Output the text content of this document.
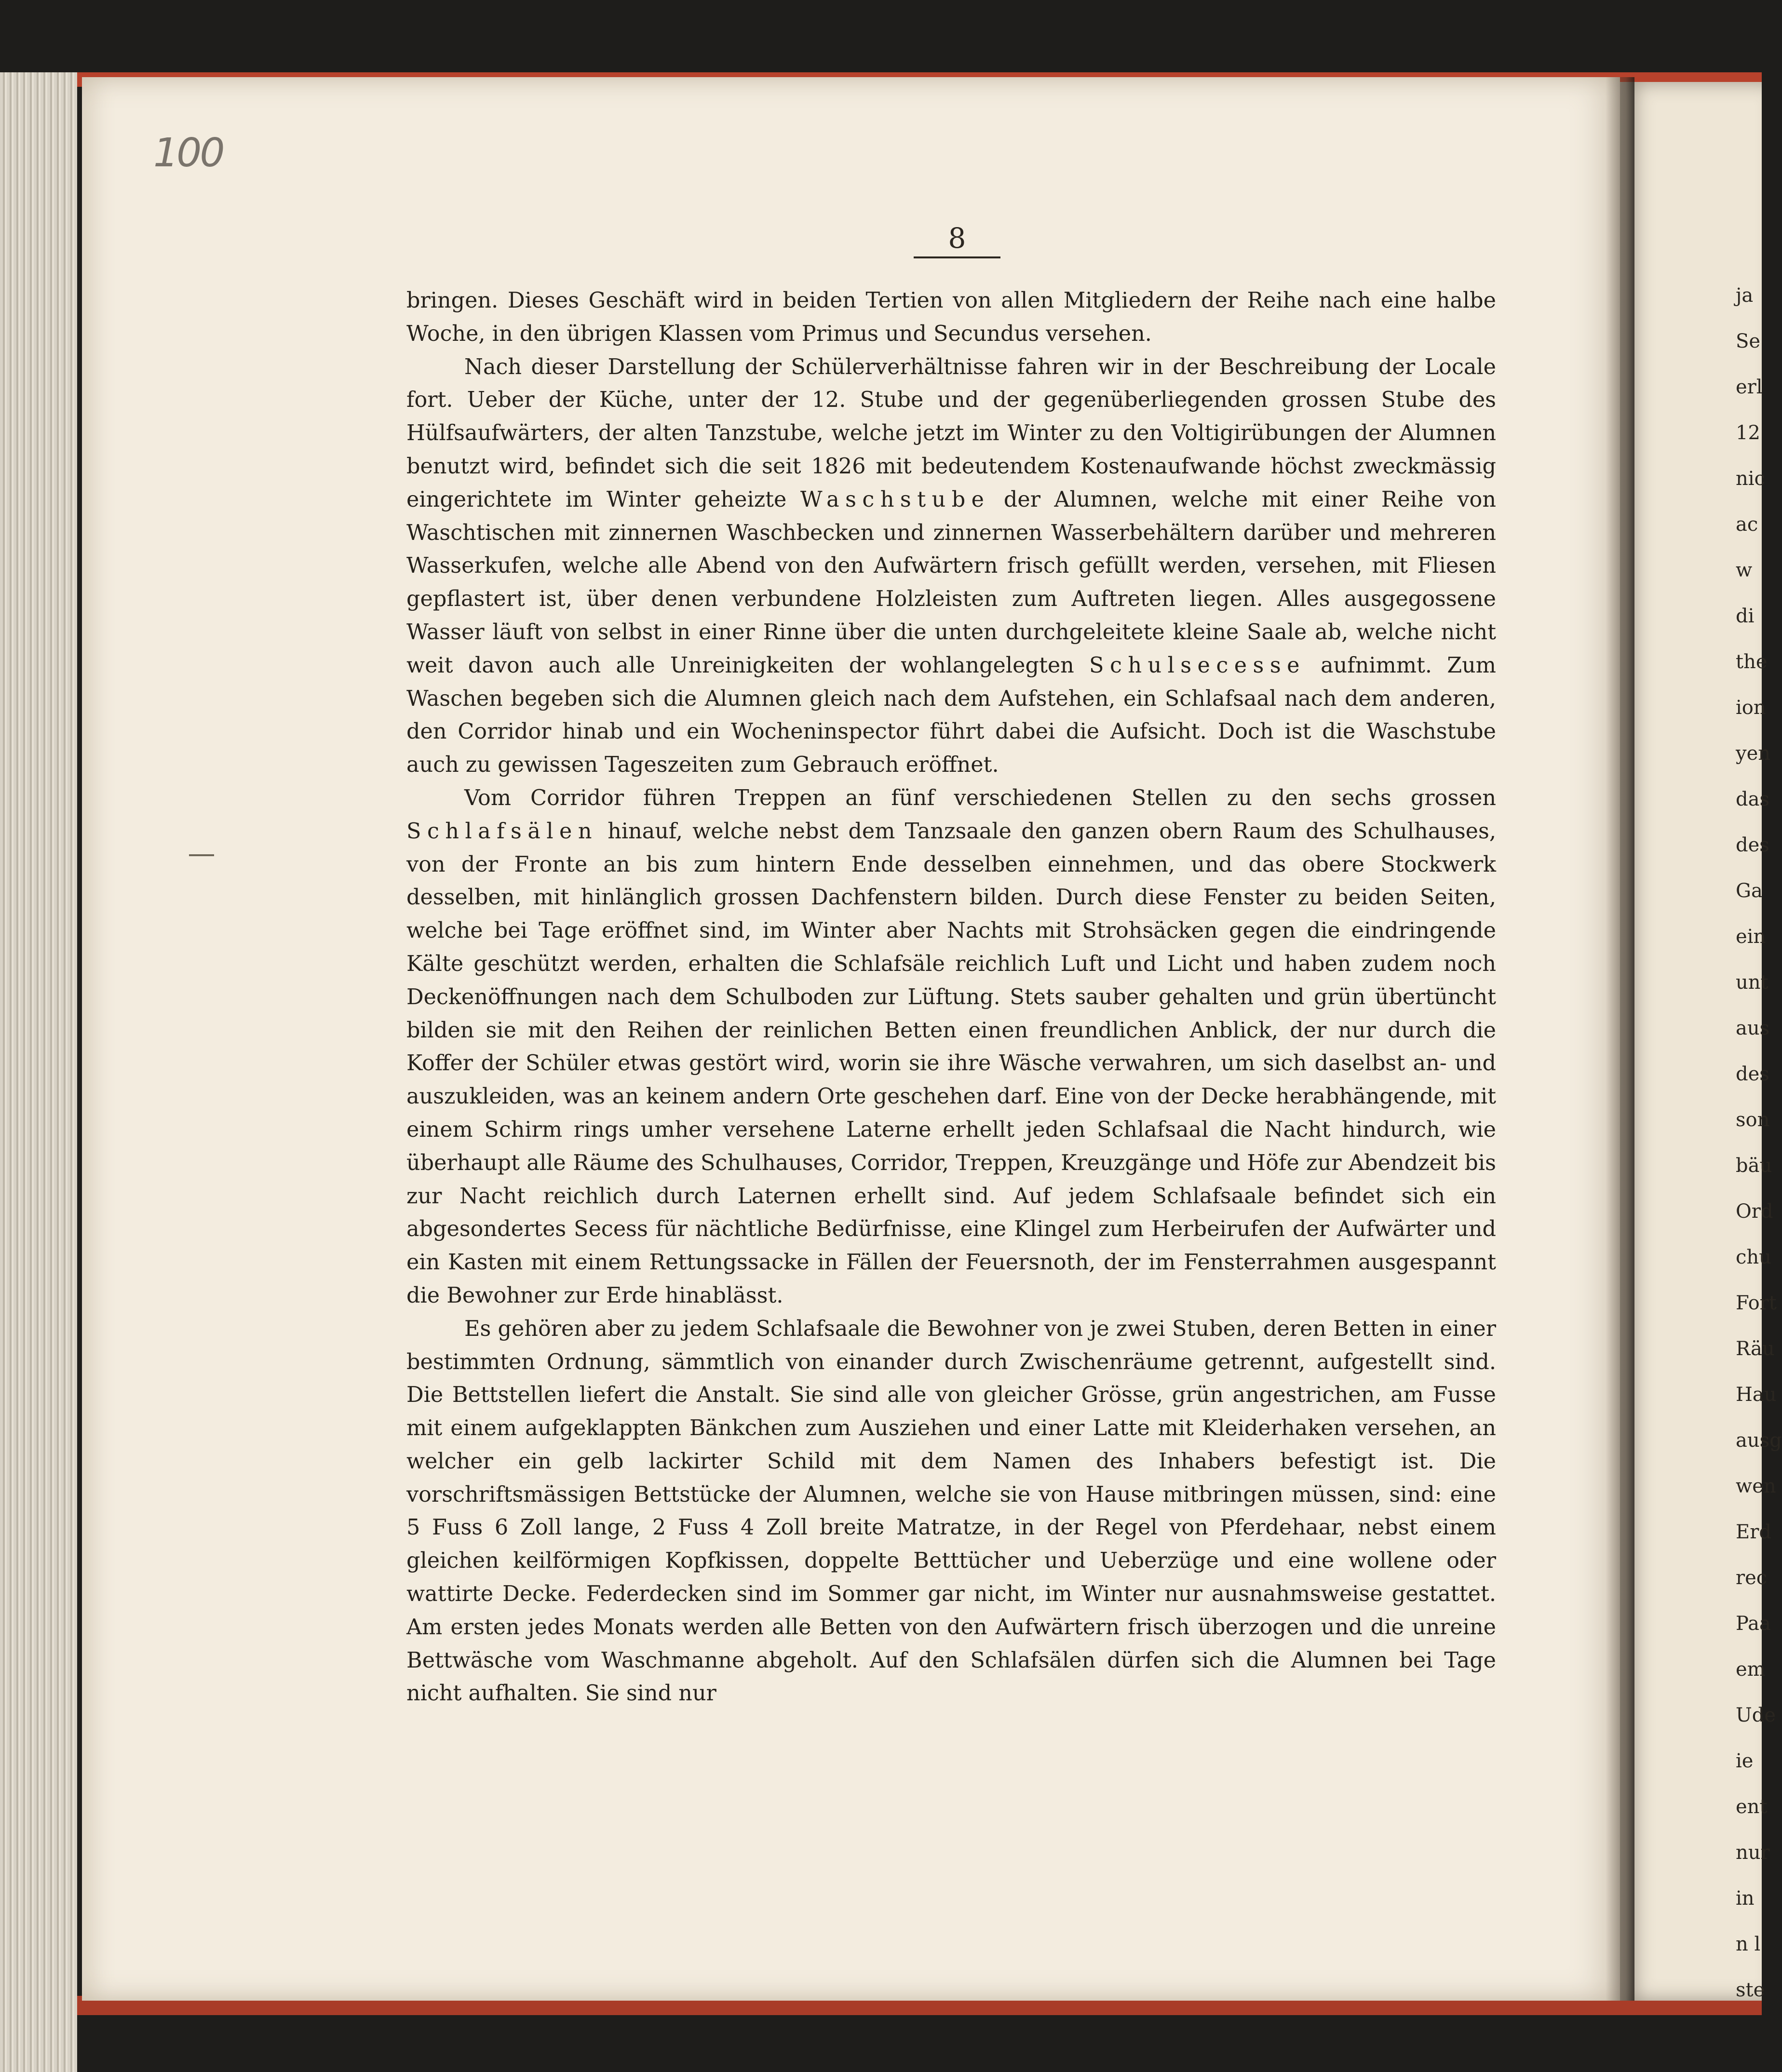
ja
Se
erl
12
nic
ac
w
di
the
ion
yen
das
des
Ga
ein
unt
aus
des
son
bäu
Ord
chu
Fort
Räu
Hau
ausg
wen
Erd
rec
Paa
em
Ude
ie
ent
nur
in
n l
ste
100
8

bringen. Dieses Geschäft wird in beiden Tertien von allen Mitgliedern der Reihe nach eine halbe Woche, in den übrigen Klassen vom Primus und Secundus versehen.

Nach dieser Darstellung der Schülerverhältnisse fahren wir in der Beschreibung der Locale fort. Ueber der Küche, unter der 12. Stube und der gegenüberliegenden grossen Stube des Hülfsaufwärters, der alten Tanzstube, welche jetzt im Winter zu den Voltigirübungen der Alumnen benutzt wird, befindet sich die seit 1826 mit bedeutendem Kostenaufwande höchst zweckmässig eingerichtete im Winter geheizte Waschstube der Alumnen, welche mit einer Reihe von Waschtischen mit zinnernen Waschbecken und zinnernen Wasserbehältern darüber und mehreren Wasserkufen, welche alle Abend von den Aufwärtern frisch gefüllt werden, versehen, mit Fliesen gepflastert ist, über denen verbundene Holzleisten zum Auftreten liegen. Alles ausgegossene Wasser läuft von selbst in einer Rinne über die unten durchgeleitete kleine Saale ab, welche nicht weit davon auch alle Unreinigkeiten der wohlangelegten Schulsecesse aufnimmt. Zum Waschen begeben sich die Alumnen gleich nach dem Aufstehen, ein Schlafsaal nach dem anderen, den Corridor hinab und ein Wocheninspector führt dabei die Aufsicht. Doch ist die Waschstube auch zu gewissen Tageszeiten zum Gebrauch eröffnet.

Vom Corridor führen Treppen an fünf verschiedenen Stellen zu den sechs grossen Schlafsälen hinauf, welche nebst dem Tanzsaale den ganzen obern Raum des Schulhauses, von der Fronte an bis zum hintern Ende desselben einnehmen, und das obere Stockwerk desselben, mit hinlänglich grossen Dachfenstern bilden. Durch diese Fenster zu beiden Seiten, welche bei Tage eröffnet sind, im Winter aber Nachts mit Strohsäcken gegen die eindringende Kälte geschützt werden, erhalten die Schlafsäle reichlich Luft und Licht und haben zudem noch Deckenöffnungen nach dem Schulboden zur Lüftung. Stets sauber gehalten und grün übertüncht bilden sie mit den Reihen der reinlichen Betten einen freundlichen Anblick, der nur durch die Koffer der Schüler etwas gestört wird, worin sie ihre Wäsche verwahren, um sich daselbst an- und auszukleiden, was an keinem andern Orte geschehen darf. Eine von der Decke herabhängende, mit einem Schirm rings umher versehene Laterne erhellt jeden Schlafsaal die Nacht hindurch, wie überhaupt alle Räume des Schulhauses, Corridor, Treppen, Kreuzgänge und Höfe zur Abendzeit bis zur Nacht reichlich durch Laternen erhellt sind. Auf jedem Schlafsaale befindet sich ein abgesondertes Secess für nächtliche Bedürfnisse, eine Klingel zum Herbeirufen der Aufwärter und ein Kasten mit einem Rettungssacke in Fällen der Feuersnoth, der im Fensterrahmen ausgespannt die Bewohner zur Erde hinablässt.

Es gehören aber zu jedem Schlafsaale die Bewohner von je zwei Stuben, deren Betten in einer bestimmten Ordnung, sämmtlich von einander durch Zwischenräume getrennt, aufgestellt sind. Die Bettstellen liefert die Anstalt. Sie sind alle von gleicher Grösse, grün angestrichen, am Fusse mit einem aufgeklappten Bänkchen zum Ausziehen und einer Latte mit Kleiderhaken versehen, an welcher ein gelb lackirter Schild mit dem Namen des Inhabers befestigt ist. Die vorschriftsmässigen Bettstücke der Alumnen, welche sie von Hause mitbringen müssen, sind: eine 5 Fuss 6 Zoll lange, 2 Fuss 4 Zoll breite Matratze, in der Regel von Pferdehaar, nebst einem gleichen keilförmigen Kopfkissen, doppelte Betttücher und Ueberzüge und eine wollene oder wattirte Decke. Federdecken sind im Sommer gar nicht, im Winter nur ausnahmsweise gestattet. Am ersten jedes Monats werden alle Betten von den Aufwärtern frisch überzogen und die unreine Bettwäsche vom Waschmanne abgeholt. Auf den Schlafsälen dürfen sich die Alumnen bei Tage nicht aufhalten. Sie sind nur
